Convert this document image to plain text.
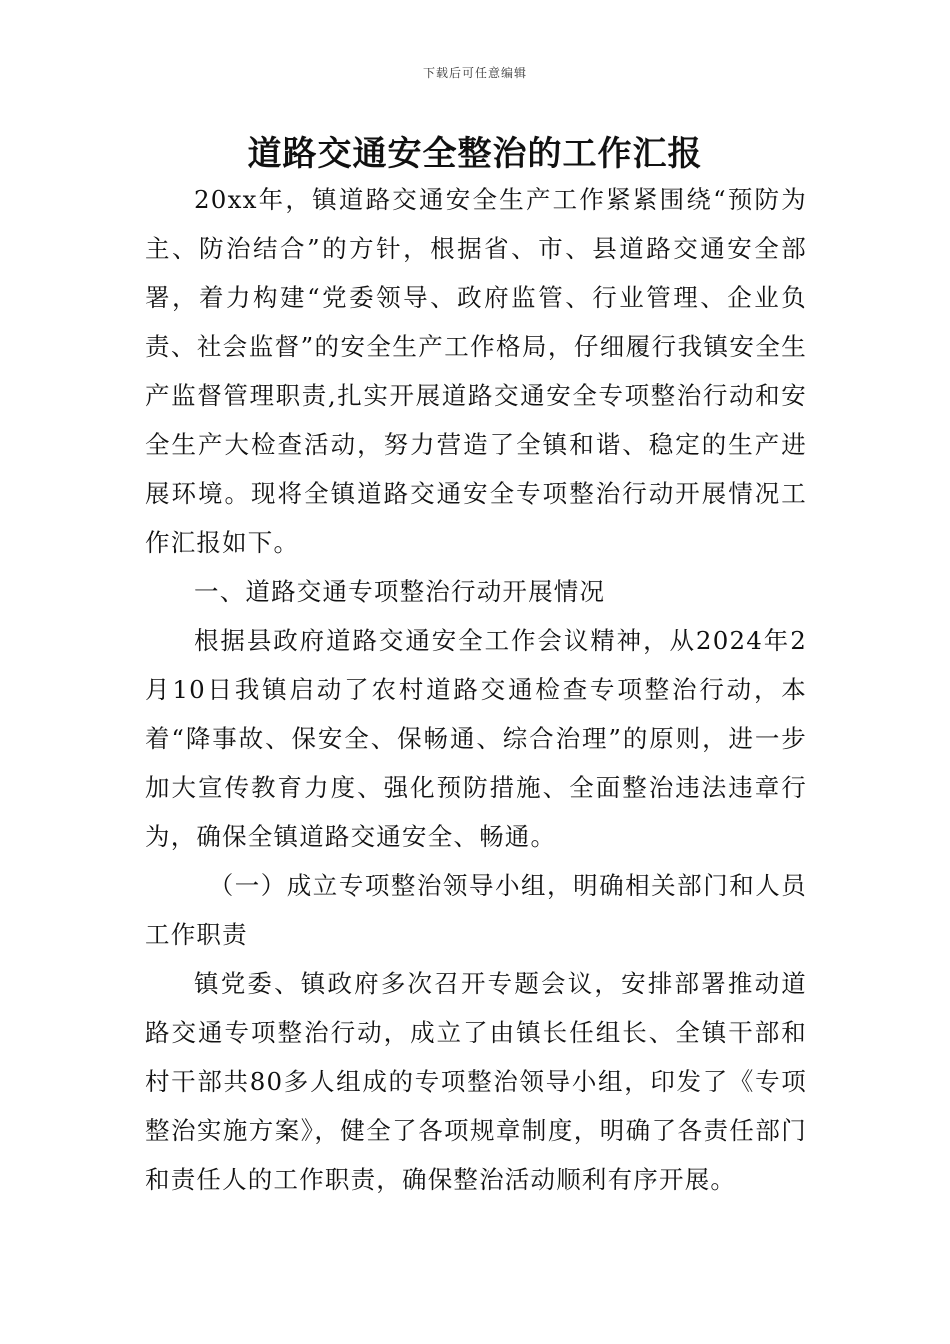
下载后可任意编辑
道路交通安全整治的工作汇报

20xx年，镇道路交通安全生产工作紧紧围绕“预防为主、防治结合”的方针，根据省、市、县道路交通安全部署，着力构建“党委领导、政府监管、行业管理、企业负责、社会监督”的安全生产工作格局，仔细履行我镇安全生产监督管理职责,扎实开展道路交通安全专项整治行动和安全生产大检查活动，努力营造了全镇和谐、稳定的生产进展环境。现将全镇道路交通安全专项整治行动开展情况工作汇报如下。

一、道路交通专项整治行动开展情况

根据县政府道路交通安全工作会议精神，从2024年2月10日我镇启动了农村道路交通检查专项整治行动，本着“降事故、保安全、保畅通、综合治理”的原则，进一步加大宣传教育力度、强化预防措施、全面整治违法违章行为，确保全镇道路交通安全、畅通。

（一）成立专项整治领导小组，明确相关部门和人员工作职责

镇党委、镇政府多次召开专题会议，安排部署推动道路交通专项整治行动，成立了由镇长任组长、全镇干部和村干部共80多人组成的专项整治领导小组，印发了《专项整治实施方案》，健全了各项规章制度，明确了各责任部门和责任人的工作职责，确保整治活动顺利有序开展。
